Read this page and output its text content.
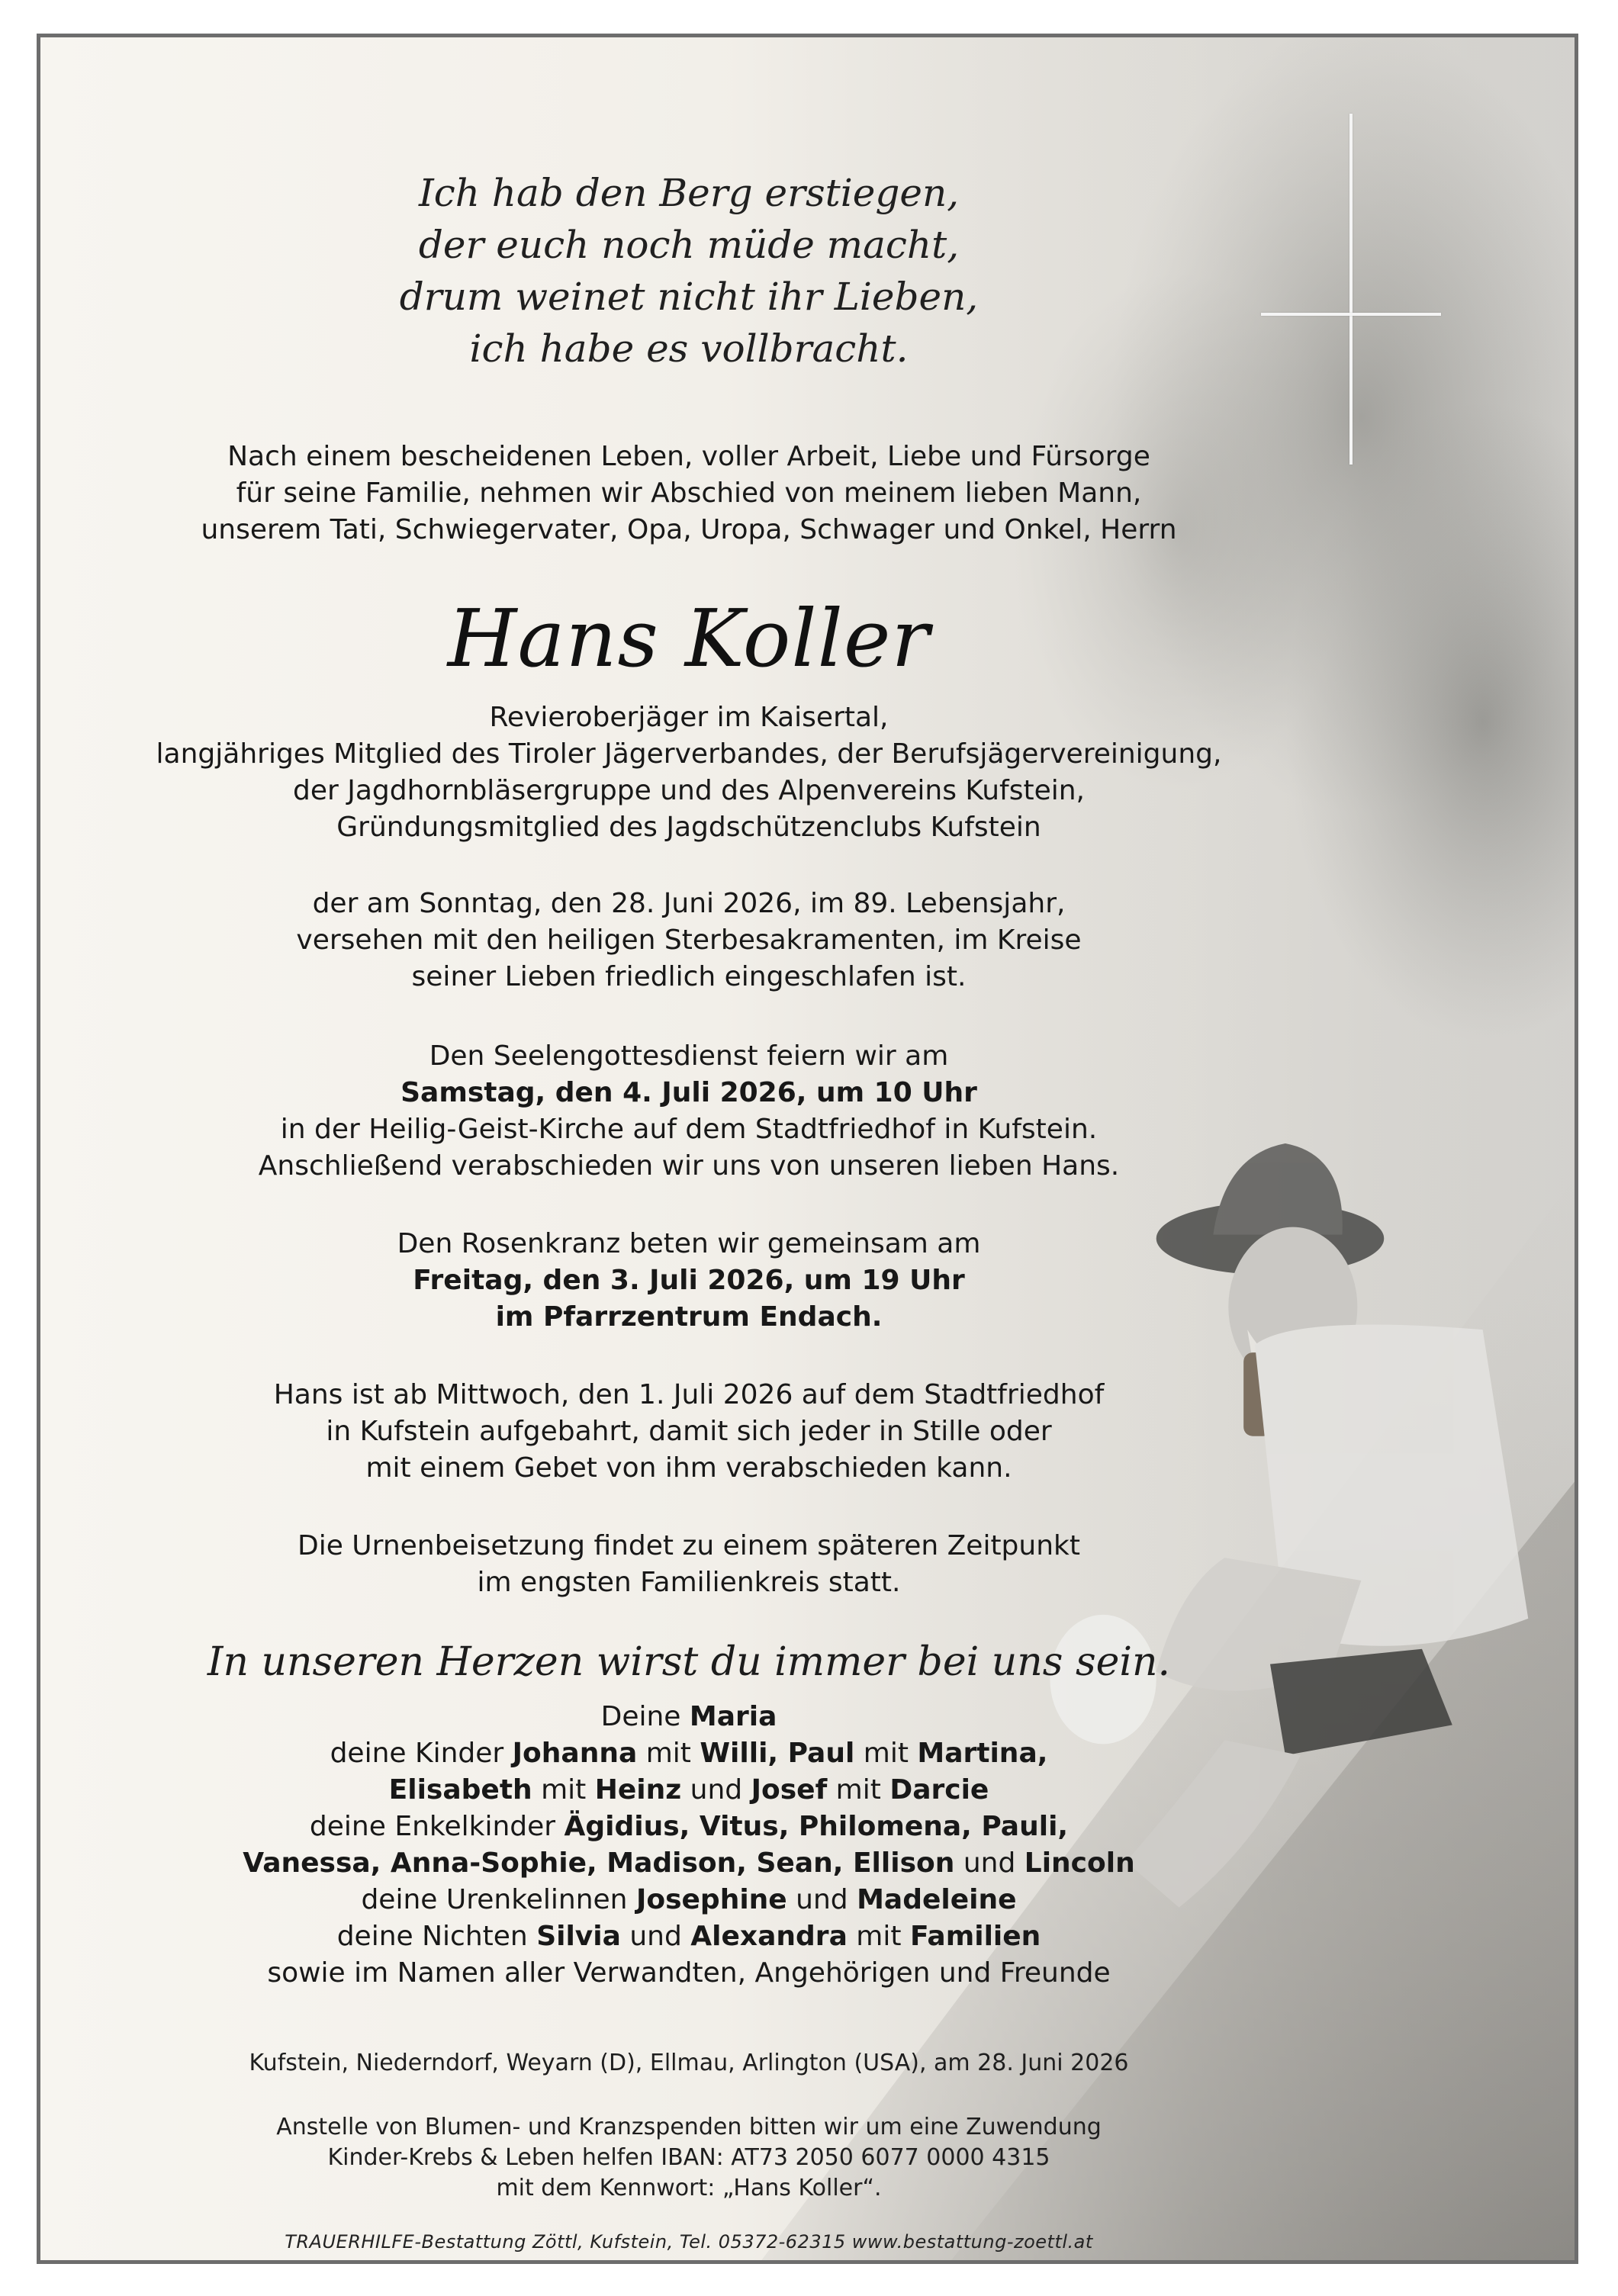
Ich hab den Berg erstiegen,
der euch noch müde macht,
drum weinet nicht ihr Lieben,
ich habe es vollbracht.
Nach einem bescheidenen Leben, voller Arbeit, Liebe und Fürsorge
für seine Familie, nehmen wir Abschied von meinem lieben Mann,
unserem Tati, Schwiegervater, Opa, Uropa, Schwager und Onkel, Herrn
Hans Koller
Revieroberjäger im Kaisertal,
langjähriges Mitglied des Tiroler Jägerverbandes, der Berufsjägervereinigung,
der Jagdhornbläsergruppe und des Alpenvereins Kufstein,
Gründungsmitglied des Jagdschützenclubs Kufstein
der am Sonntag, den 28. Juni 2026, im 89. Lebensjahr,
versehen mit den heiligen Sterbesakramenten, im Kreise
seiner Lieben friedlich eingeschlafen ist.
Den Seelengottesdienst feiern wir am
Samstag, den 4. Juli 2026, um 10 Uhr
in der Heilig-Geist-Kirche auf dem Stadtfriedhof in Kufstein.
Anschließend verabschieden wir uns von unseren lieben Hans.
Den Rosenkranz beten wir gemeinsam am
Freitag, den 3. Juli 2026, um 19 Uhr
im Pfarrzentrum Endach.
Hans ist ab Mittwoch, den 1. Juli 2026 auf dem Stadtfriedhof
in Kufstein aufgebahrt, damit sich jeder in Stille oder
mit einem Gebet von ihm verabschieden kann.
Die Urnenbeisetzung findet zu einem späteren Zeitpunkt
im engsten Familienkreis statt.
In unseren Herzen wirst du immer bei uns sein.
Deine Maria
deine Kinder Johanna mit Willi, Paul mit Martina,
Elisabeth mit Heinz und Josef mit Darcie
deine Enkelkinder Ägidius, Vitus, Philomena, Pauli,
Vanessa, Anna-Sophie, Madison, Sean, Ellison und Lincoln
deine Urenkelinnen Josephine und Madeleine
deine Nichten Silvia und Alexandra mit Familien
sowie im Namen aller Verwandten, Angehörigen und Freunde
Kufstein, Niederndorf, Weyarn (D), Ellmau, Arlington (USA), am 28. Juni 2026
Anstelle von Blumen- und Kranzspenden bitten wir um eine Zuwendung
Kinder-Krebs & Leben helfen IBAN: AT73 2050 6077 0000 4315
mit dem Kennwort: „Hans Koller“.
TRAUERHILFE-Bestattung Zöttl, Kufstein, Tel. 05372-62315 www.bestattung-zoettl.at
